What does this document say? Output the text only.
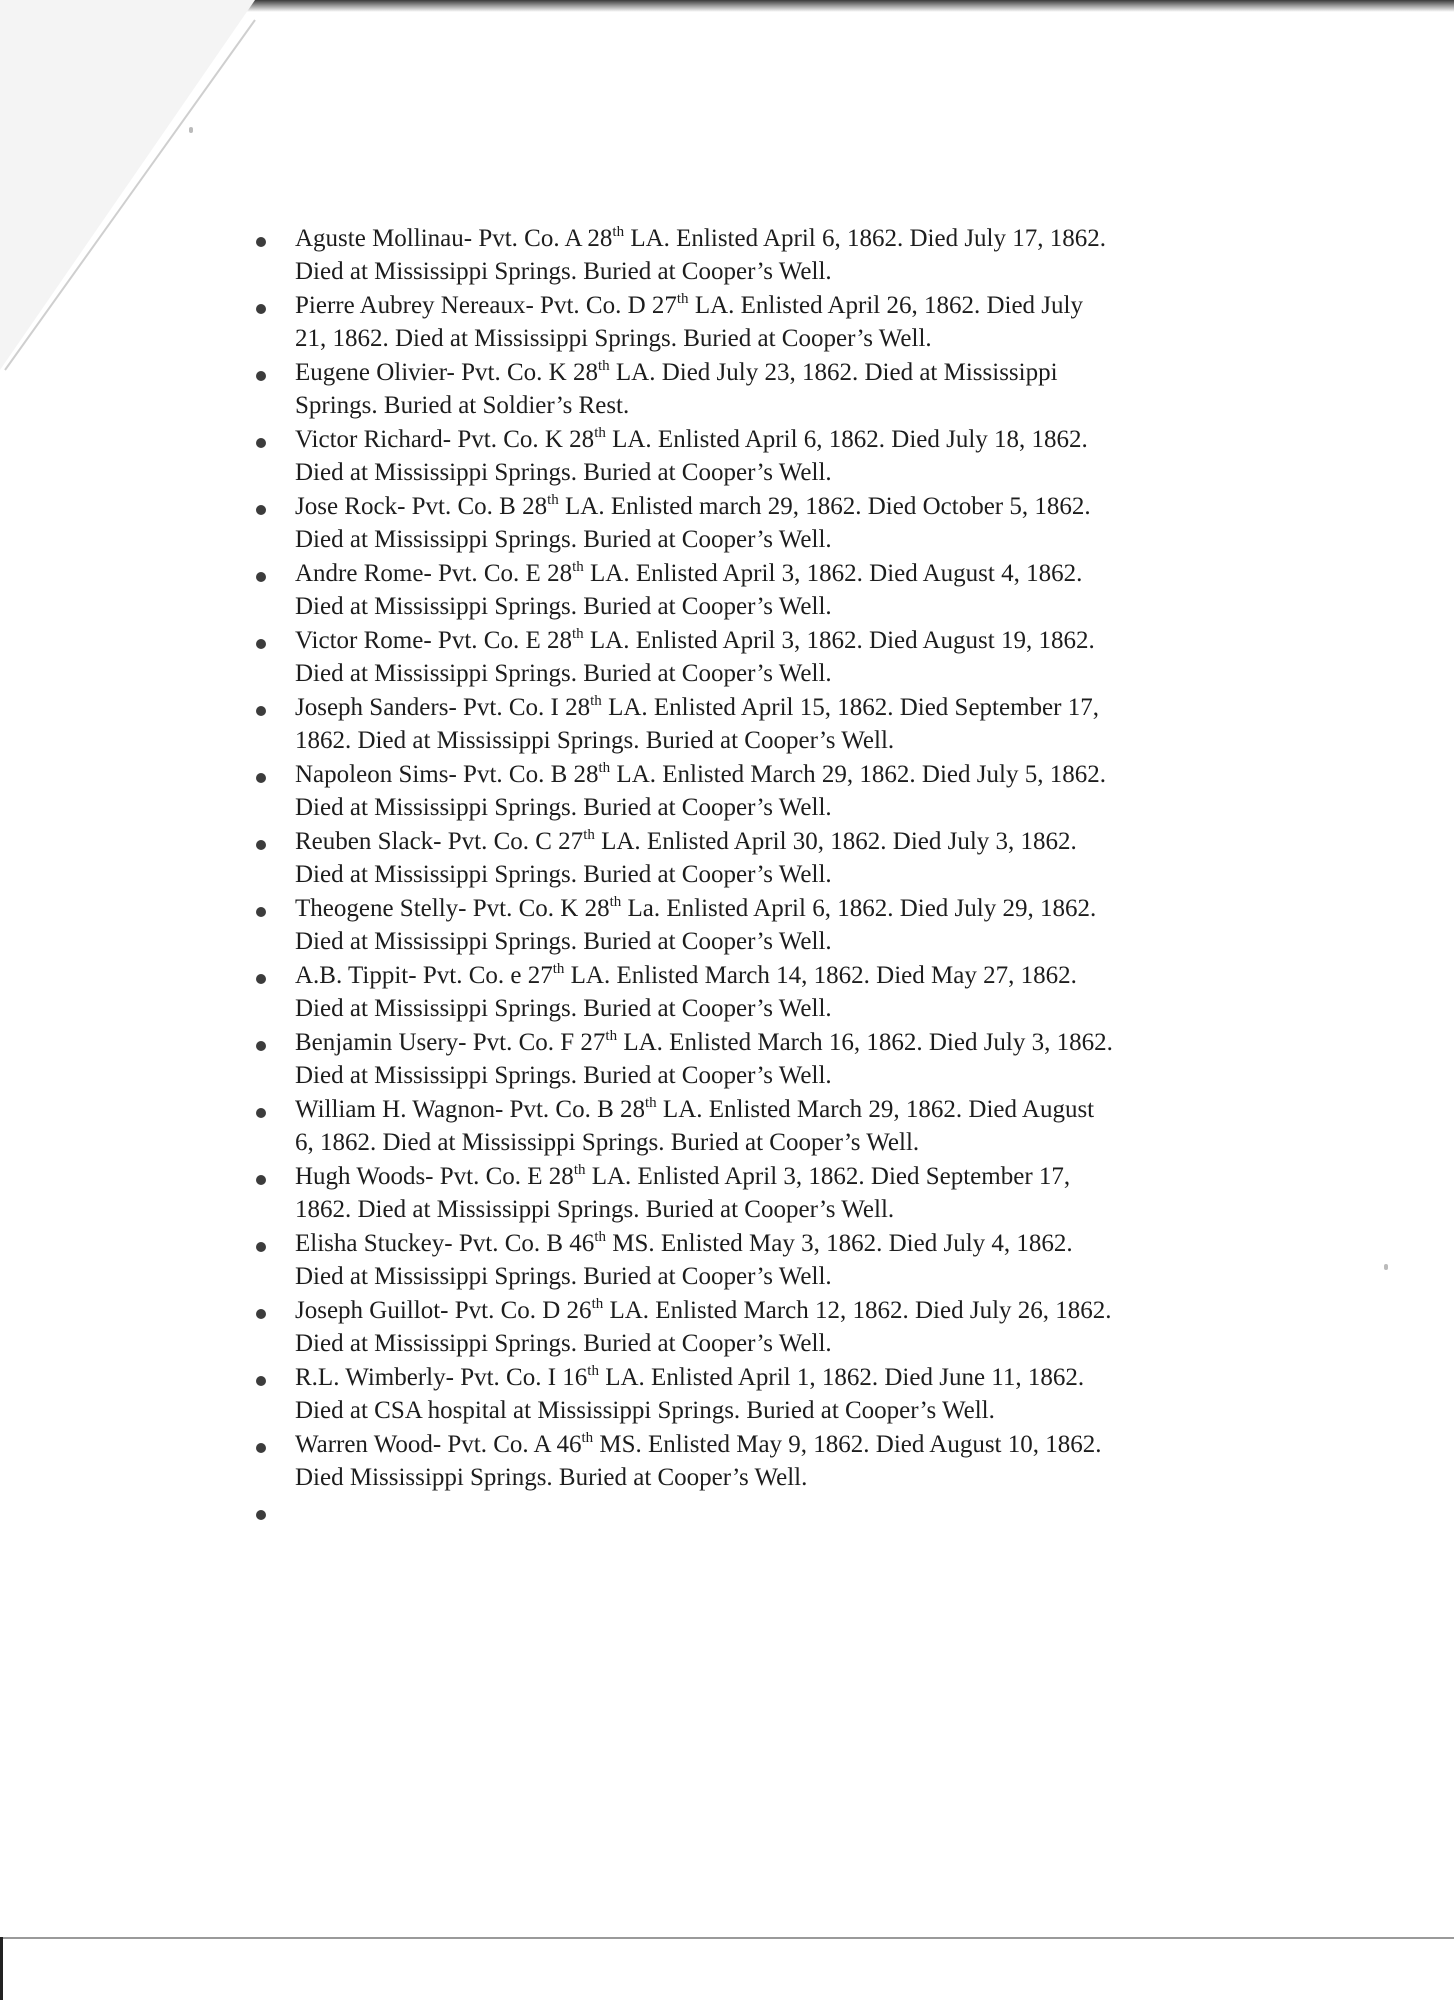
Aguste Mollinau- Pvt. Co. A 28th LA. Enlisted April 6, 1862. Died July 17, 1862.
Died at Mississippi Springs. Buried at Cooper’s Well.
Pierre Aubrey Nereaux- Pvt. Co. D 27th LA. Enlisted April 26, 1862. Died July
21, 1862. Died at Mississippi Springs. Buried at Cooper’s Well.
Eugene Olivier- Pvt. Co. K 28th LA. Died July 23, 1862. Died at Mississippi
Springs. Buried at Soldier’s Rest.
Victor Richard- Pvt. Co. K 28th LA. Enlisted April 6, 1862. Died July 18, 1862.
Died at Mississippi Springs. Buried at Cooper’s Well.
Jose Rock- Pvt. Co. B 28th LA. Enlisted march 29, 1862. Died October 5, 1862.
Died at Mississippi Springs. Buried at Cooper’s Well.
Andre Rome- Pvt. Co. E 28th LA. Enlisted April 3, 1862. Died August 4, 1862.
Died at Mississippi Springs. Buried at Cooper’s Well.
Victor Rome- Pvt. Co. E 28th LA. Enlisted April 3, 1862. Died August 19, 1862.
Died at Mississippi Springs. Buried at Cooper’s Well.
Joseph Sanders- Pvt. Co. I 28th LA. Enlisted April 15, 1862. Died September 17,
1862. Died at Mississippi Springs. Buried at Cooper’s Well.
Napoleon Sims- Pvt. Co. B 28th LA. Enlisted March 29, 1862. Died July 5, 1862.
Died at Mississippi Springs. Buried at Cooper’s Well.
Reuben Slack- Pvt. Co. C 27th LA. Enlisted April 30, 1862. Died July 3, 1862.
Died at Mississippi Springs. Buried at Cooper’s Well.
Theogene Stelly- Pvt. Co. K 28th La. Enlisted April 6, 1862. Died July 29, 1862.
Died at Mississippi Springs. Buried at Cooper’s Well.
A.B. Tippit- Pvt. Co. e 27th LA. Enlisted March 14, 1862. Died May 27, 1862.
Died at Mississippi Springs. Buried at Cooper’s Well.
Benjamin Usery- Pvt. Co. F 27th LA. Enlisted March 16, 1862. Died July 3, 1862.
Died at Mississippi Springs. Buried at Cooper’s Well.
William H. Wagnon- Pvt. Co. B 28th LA. Enlisted March 29, 1862. Died August
6, 1862. Died at Mississippi Springs. Buried at Cooper’s Well.
Hugh Woods- Pvt. Co. E 28th LA. Enlisted April 3, 1862. Died September 17,
1862. Died at Mississippi Springs. Buried at Cooper’s Well.
Elisha Stuckey- Pvt. Co. B 46th MS. Enlisted May 3, 1862. Died July 4, 1862.
Died at Mississippi Springs. Buried at Cooper’s Well.
Joseph Guillot- Pvt. Co. D 26th LA. Enlisted March 12, 1862. Died July 26, 1862.
Died at Mississippi Springs. Buried at Cooper’s Well.
R.L. Wimberly- Pvt. Co. I 16th LA. Enlisted April 1, 1862. Died June 11, 1862.
Died at CSA hospital at Mississippi Springs. Buried at Cooper’s Well.
Warren Wood- Pvt. Co. A 46th MS. Enlisted May 9, 1862. Died August 10, 1862.
Died Mississippi Springs. Buried at Cooper’s Well.
